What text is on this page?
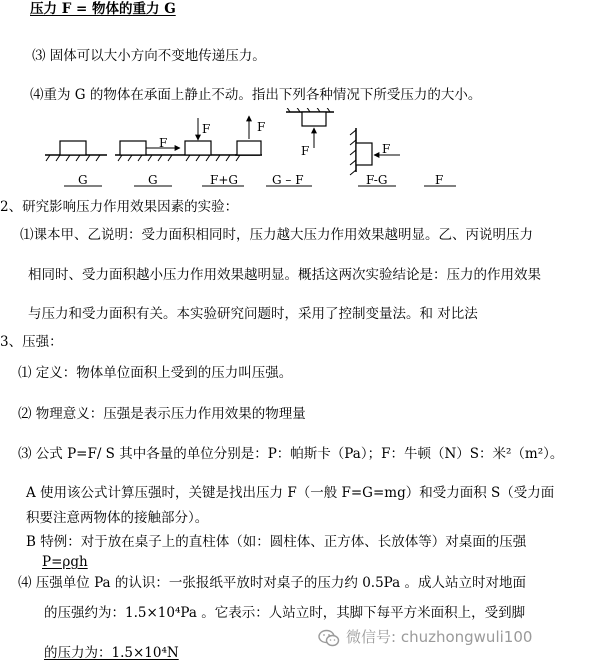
压力 F = 物体的重力 G
⑶ 固体可以大小方向不变地传递压力。
⑷重为 G 的物体在承面上静止不动。指出下列各种情况下所受压力的大小。
F
F	F
F	F
G	G	F+G	G – F	F-G	F
2、研究影响压力作用效果因素的实验：
⑴课本甲、乙说明：受力面积相同时，压力越大压力作用效果越明显。乙、丙说明压力
相同时、受力面积越小压力作用效果越明显。概括这两次实验结论是：压力的作用效果
与压力和受力面积有关。本实验研究问题时，采用了控制变量法。和 对比法
3、压强：
⑴ 定义：物体单位面积上受到的压力叫压强。
⑵ 物理意义：压强是表示压力作用效果的物理量
⑶ 公式 P=F/ S 其中各量的单位分别是：P：帕斯卡（Pa）；F：牛顿（N）S：米²（m²）。
A 使用该公式计算压强时，关键是找出压力 F（一般 F=G=mg）和受力面积 S（受力面
积要注意两物体的接触部分）。
B 特例：对于放在桌子上的直柱体（如：圆柱体、正方体、长放体等）对桌面的压强
P=ρgh
⑷ 压强单位 Pa 的认识：一张报纸平放时对桌子的压力约 0.5Pa 。成人站立时对地面
的压强约为：1.5×10⁴Pa 。它表示：人站立时，其脚下每平方米面积上，受到脚
的压力为：1.5×10⁴N
微信号: chuzhongwuli100
